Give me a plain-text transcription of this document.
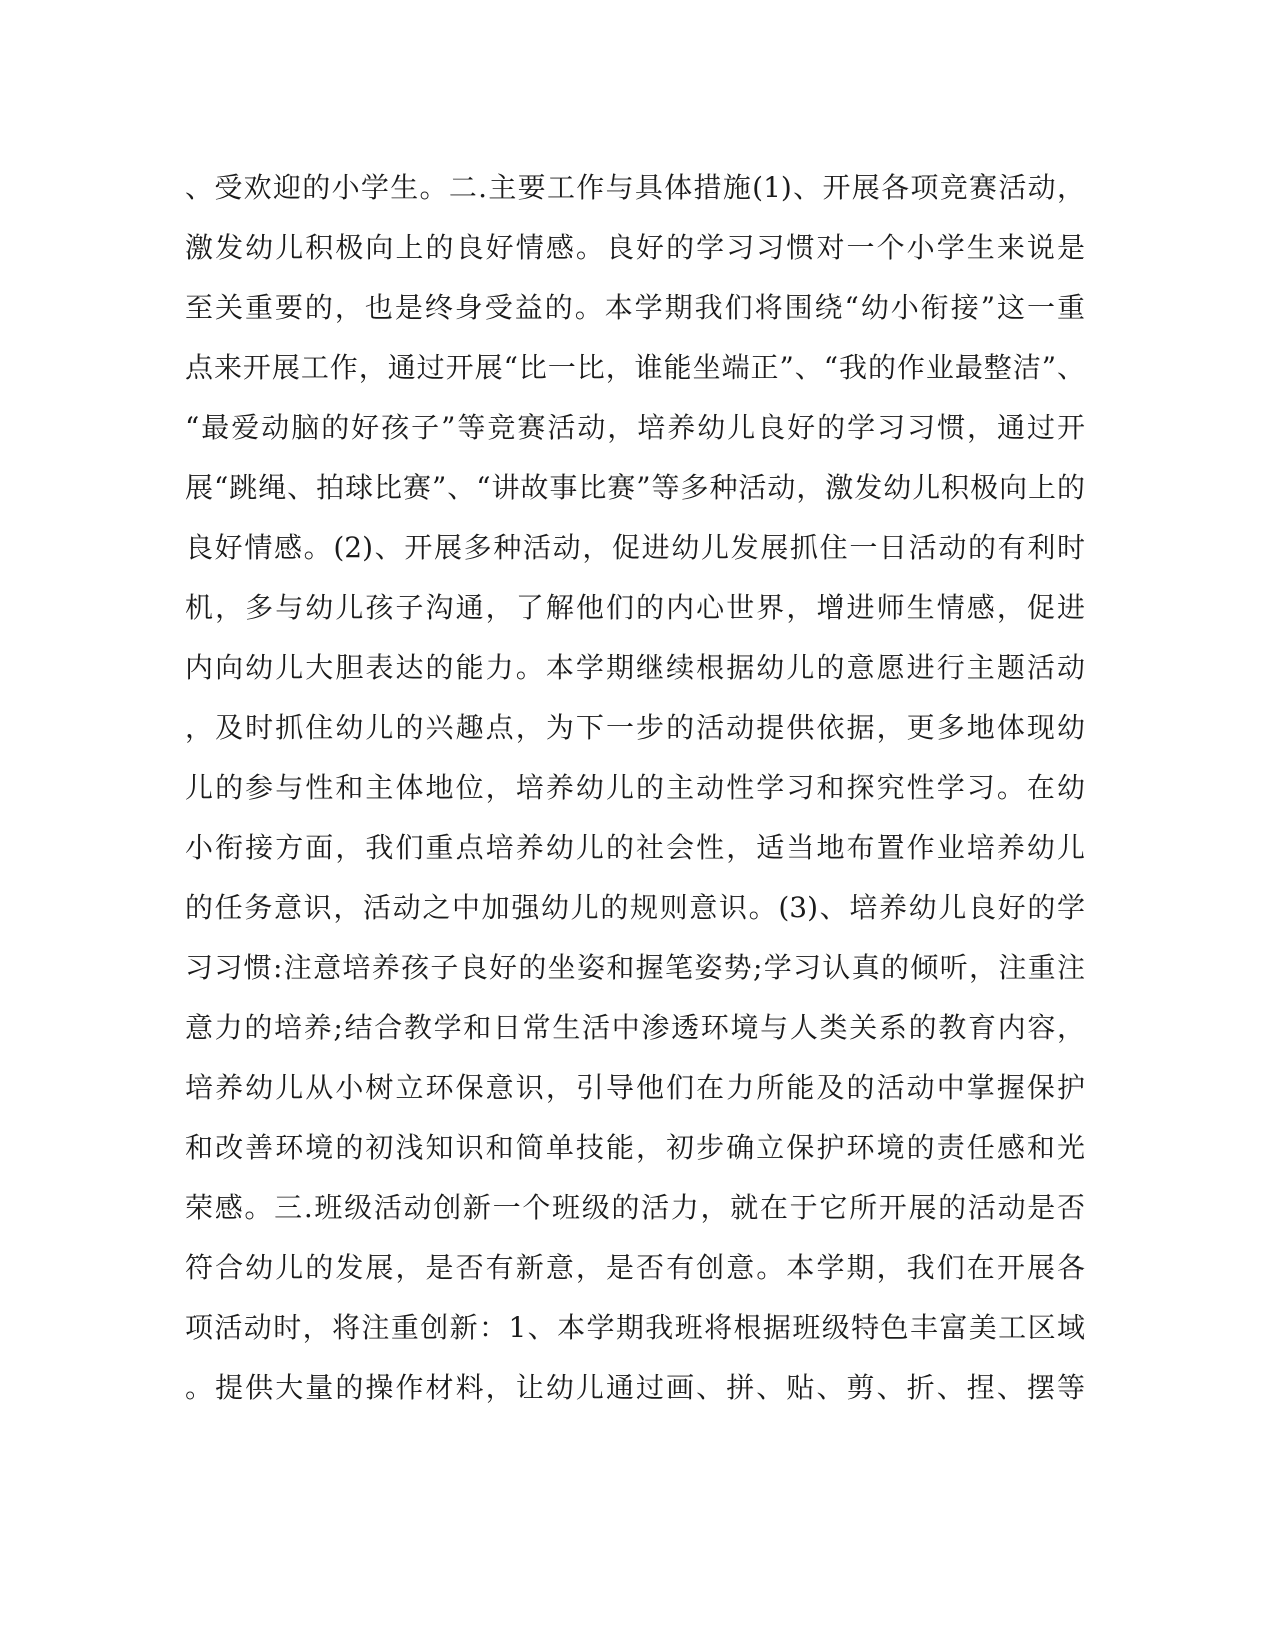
、受欢迎的小学生。二.主要工作与具体措施(1)、开展各项竞赛活动，
激发幼儿积极向上的良好情感。良好的学习习惯对一个小学生来说是
至关重要的，也是终身受益的。本学期我们将围绕“幼小衔接”这一重
点来开展工作，通过开展“比一比，谁能坐端正”、“我的作业最整洁”、
“最爱动脑的好孩子”等竞赛活动，培养幼儿良好的学习习惯，通过开
展“跳绳、拍球比赛”、“讲故事比赛”等多种活动，激发幼儿积极向上的
良好情感。(2)、开展多种活动，促进幼儿发展抓住一日活动的有利时
机，多与幼儿孩子沟通，了解他们的内心世界，增进师生情感，促进
内向幼儿大胆表达的能力。本学期继续根据幼儿的意愿进行主题活动
，及时抓住幼儿的兴趣点，为下一步的活动提供依据，更多地体现幼
儿的参与性和主体地位，培养幼儿的主动性学习和探究性学习。在幼
小衔接方面，我们重点培养幼儿的社会性，适当地布置作业培养幼儿
的任务意识，活动之中加强幼儿的规则意识。(3)、培养幼儿良好的学
习习惯:注意培养孩子良好的坐姿和握笔姿势;学习认真的倾听，注重注
意力的培养;结合教学和日常生活中渗透环境与人类关系的教育内容，
培养幼儿从小树立环保意识，引导他们在力所能及的活动中掌握保护
和改善环境的初浅知识和简单技能，初步确立保护环境的责任感和光
荣感。三.班级活动创新一个班级的活力，就在于它所开展的活动是否
符合幼儿的发展，是否有新意，是否有创意。本学期，我们在开展各
项活动时，将注重创新：1、本学期我班将根据班级特色丰富美工区域
。提供大量的操作材料，让幼儿通过画、拼、贴、剪、折、捏、摆等
